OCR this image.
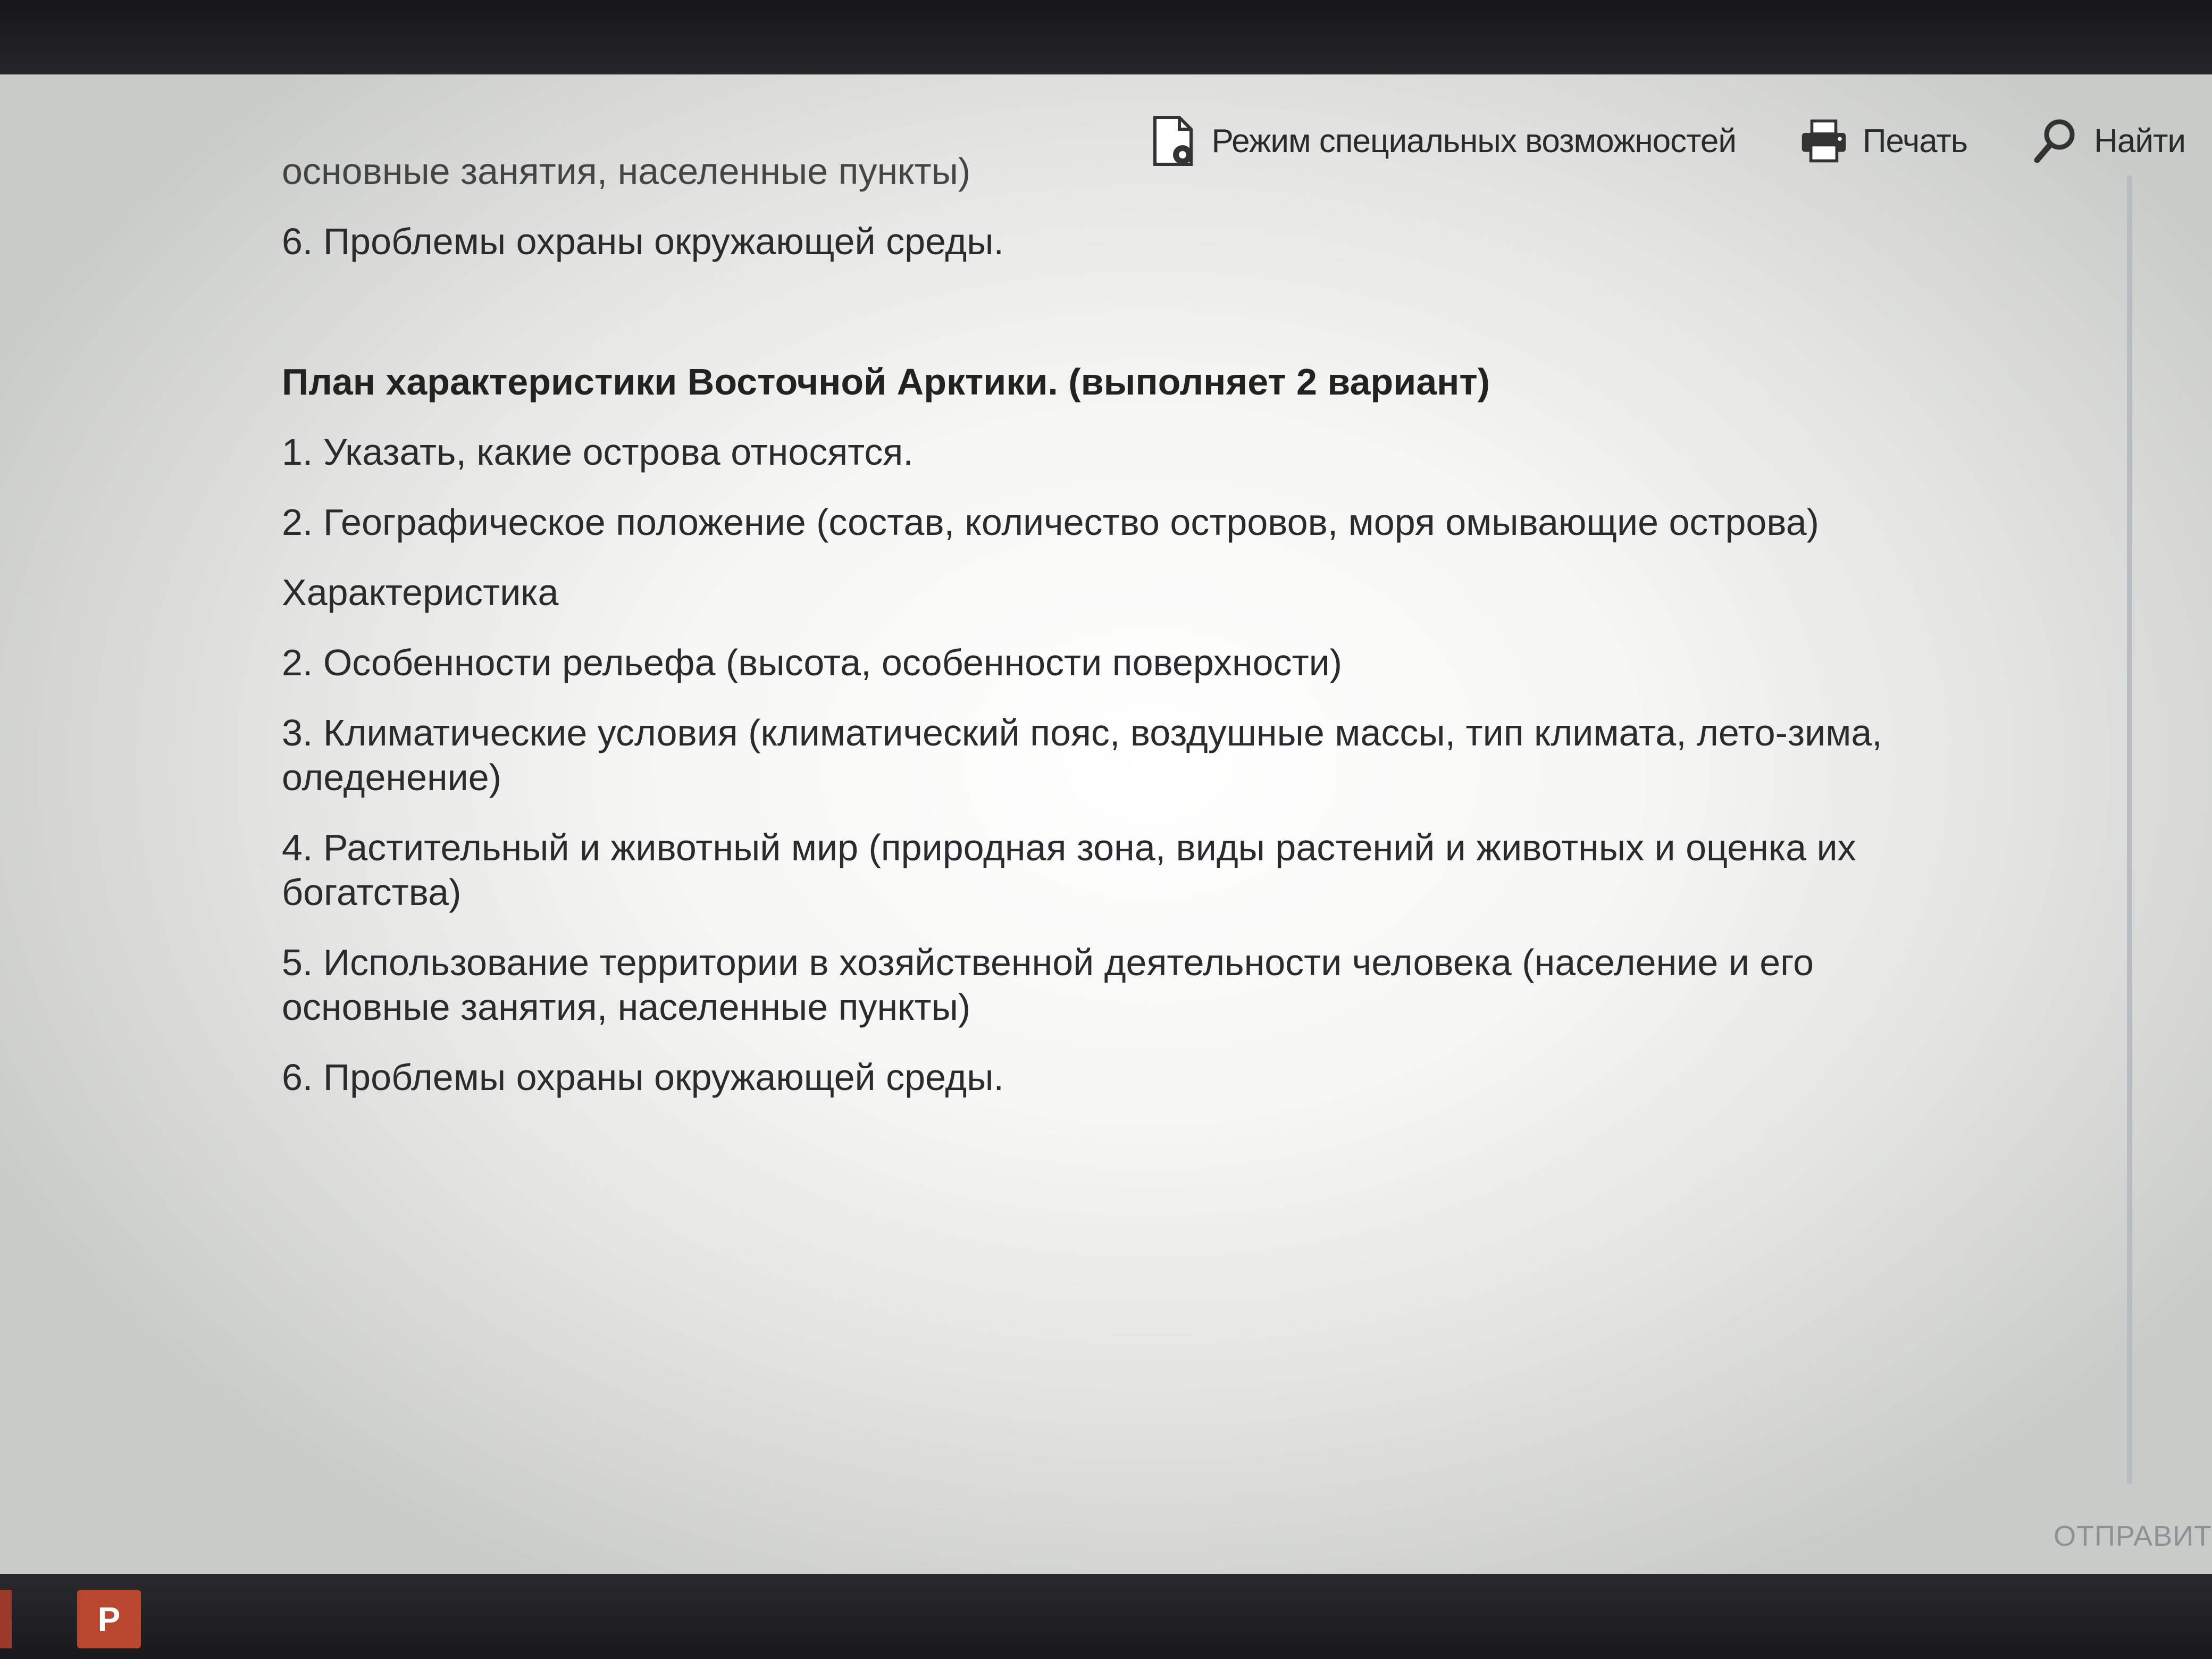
Режим специальных возможностей	Печать	Найти
основные занятия, населенные пункты)
6. Проблемы охраны окружающей среды.
План характеристики Восточной Арктики. (выполняет 2 вариант)
1. Указать, какие острова относятся.
2. Географическое положение (состав, количество островов, моря омывающие острова)
Характеристика
2. Особенности рельефа (высота, особенности поверхности)
3. Климатические условия (климатический пояс, воздушные массы, тип климата, лето-зима, оледенение)
4. Растительный и животный мир (природная зона, виды растений и животных и оценка их богатства)
5. Использование территории в хозяйственной деятельности человека (население и его основные занятия, населенные пункты)
6. Проблемы охраны окружающей среды.
ОТПРАВИТ
P
